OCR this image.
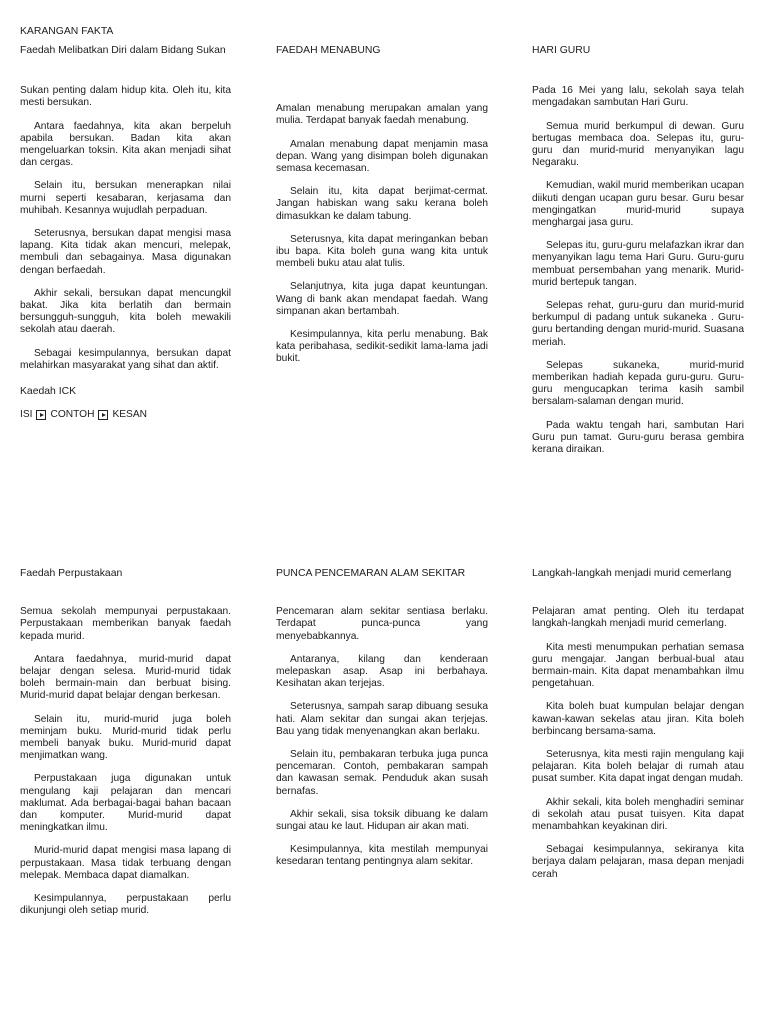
KARANGAN FAKTA
Faedah Melibatkan Diri dalam Bidang Sukan

Sukan penting dalam hidup kita. Oleh itu, kita mesti bersukan.

Antara faedahnya, kita akan berpeluh apabila bersukan. Badan kita akan mengeluarkan toksin. Kita akan menjadi sihat dan cergas.

Selain itu, bersukan menerapkan nilai murni seperti kesabaran, kerjasama dan muhibah. Kesannya wujudlah perpaduan.

Seterusnya, bersukan dapat mengisi masa lapang. Kita tidak akan mencuri, melepak, membuli dan sebagainya. Masa digunakan dengan berfaedah.

Akhir sekali, bersukan dapat mencungkil bakat. Jika kita berlatih dan bermain bersungguh-sungguh, kita boleh mewakili sekolah atau daerah.

Sebagai kesimpulannya, bersukan dapat melahirkan masyarakat yang sihat dan aktif.

Kaedah ICK
ISI CONTOH KESAN
FAEDAH MENABUNG

Amalan menabung merupakan amalan yang mulia. Terdapat banyak faedah menabung.

Amalan menabung dapat menjamin masa depan. Wang yang disimpan boleh digunakan semasa kecemasan.

Selain itu, kita dapat berjimat-cermat. Jangan habiskan wang saku kerana boleh dimasukkan ke dalam tabung.

Seterusnya, kita dapat meringankan beban ibu bapa. Kita boleh guna wang kita untuk membeli buku atau alat tulis.

Selanjutnya, kita juga dapat keuntungan. Wang di bank akan mendapat faedah. Wang simpanan akan bertambah.

Kesimpulannya, kita perlu menabung. Bak kata peribahasa, sedikit-sedikit lama-lama jadi bukit.

HARI GURU

Pada 16 Mei yang lalu, sekolah saya telah mengadakan sambutan Hari Guru.

Semua murid berkumpul di dewan. Guru bertugas membaca doa. Selepas itu, guru-guru dan murid-murid menyanyikan lagu Negaraku.

Kemudian, wakil murid memberikan ucapan diikuti dengan ucapan guru besar. Guru besar mengingatkan murid-murid supaya menghargai jasa guru.

Selepas itu, guru-guru melafazkan ikrar dan menyanyikan lagu tema Hari Guru. Guru-guru membuat persembahan yang menarik. Murid-murid bertepuk tangan.

Selepas rehat, guru-guru dan murid-murid berkumpul di padang untuk sukaneka . Guru-guru bertanding dengan murid-murid. Suasana meriah.

Selepas sukaneka, murid-murid memberikan hadiah kepada guru-guru. Guru-guru mengucapkan terima kasih sambil bersalam-salaman dengan murid.

Pada waktu tengah hari, sambutan Hari Guru pun tamat. Guru-guru berasa gembira kerana diraikan.

Faedah Perpustakaan

Semua sekolah mempunyai perpustakaan. Perpustakaan memberikan banyak faedah kepada murid.

Antara faedahnya, murid-murid dapat belajar dengan selesa. Murid-murid tidak boleh bermain-main dan berbuat bising. Murid-murid dapat belajar dengan berkesan.

Selain itu, murid-murid juga boleh meminjam buku. Murid-murid tidak perlu membeli banyak buku. Murid-murid dapat menjimatkan wang.

Perpustakaan juga digunakan untuk mengulang kaji pelajaran dan mencari maklumat. Ada berbagai-bagai bahan bacaan dan komputer. Murid-murid dapat meningkatkan ilmu.

Murid-murid dapat mengisi masa lapang di perpustakaan. Masa tidak terbuang dengan melepak. Membaca dapat diamalkan.

Kesimpulannya, perpustakaan perlu dikunjungi oleh setiap murid.

PUNCA PENCEMARAN ALAM SEKITAR

Pencemaran alam sekitar sentiasa berlaku. Terdapat punca-punca yang menyebabkannya.

Antaranya, kilang dan kenderaan melepaskan asap. Asap ini berbahaya. Kesihatan akan terjejas.

Seterusnya, sampah sarap dibuang sesuka hati. Alam sekitar dan sungai akan terjejas. Bau yang tidak menyenangkan akan berlaku.

Selain itu, pembakaran terbuka juga punca pencemaran. Contoh, pembakaran sampah dan kawasan semak. Penduduk akan susah bernafas.

Akhir sekali, sisa toksik dibuang ke dalam sungai atau ke laut. Hidupan air akan mati.

Kesimpulannya, kita mestilah mempunyai kesedaran tentang pentingnya alam sekitar.

Langkah-langkah menjadi murid cemerlang

Pelajaran amat penting. Oleh itu terdapat langkah-langkah menjadi murid cemerlang.

Kita mesti menumpukan perhatian semasa guru mengajar. Jangan berbual-bual atau bermain-main. Kita dapat menambahkan ilmu pengetahuan.

Kita boleh buat kumpulan belajar dengan kawan-kawan sekelas atau jiran. Kita boleh berbincang bersama-sama.

Seterusnya, kita mesti rajin mengulang kaji pelajaran. Kita boleh belajar di rumah atau pusat sumber. Kita dapat ingat dengan mudah.

Akhir sekali, kita boleh menghadiri seminar di sekolah atau pusat tuisyen. Kita dapat menambahkan keyakinan diri.

Sebagai kesimpulannya, sekiranya kita berjaya dalam pelajaran, masa depan menjadi cerah
